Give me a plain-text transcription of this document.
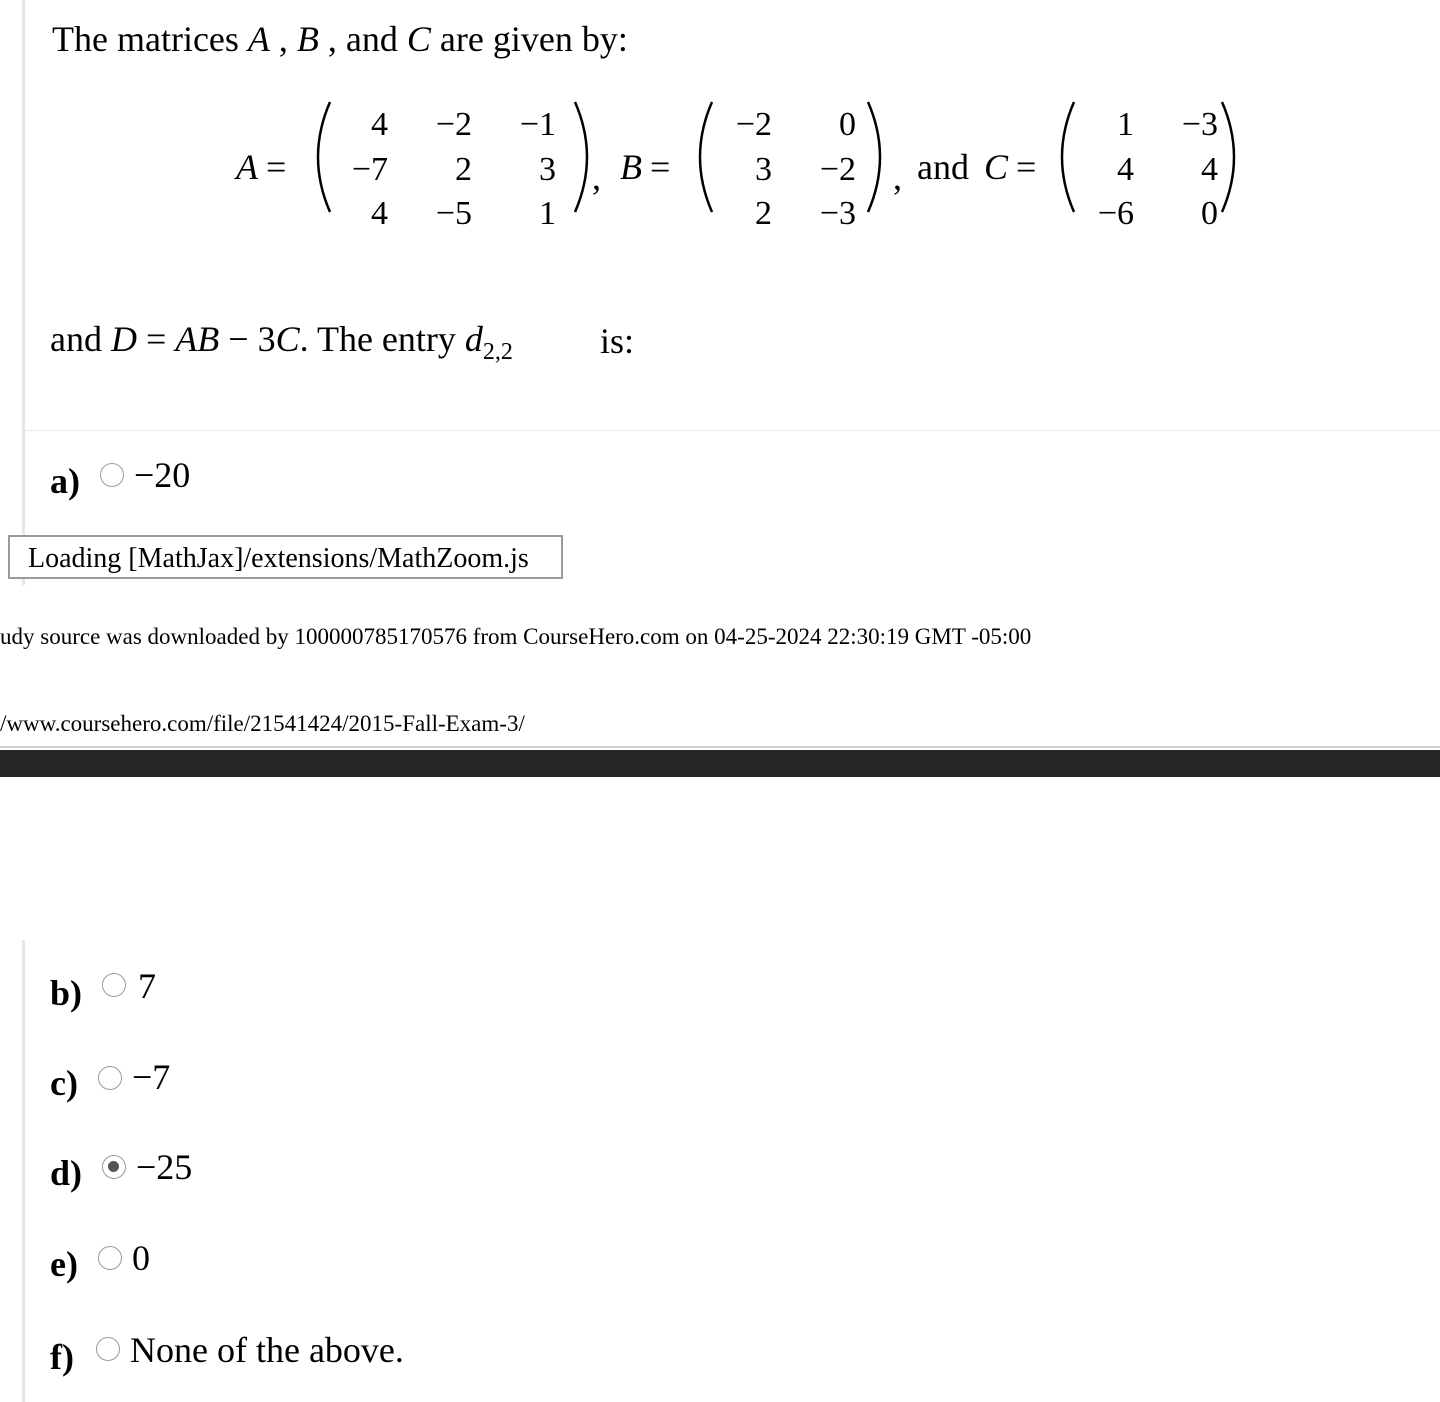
The matrices A , B , and C are given by:
A =
4	−2	−1
−7	2	3
4	−5	1
, B =
−2	0
3	−2
2	−3
, and C =
1	−3
4	4
−6	0
and D = AB − 3C. The entry $d_{2,2}$ is:
a) −20
Loading [MathJax]/extensions/MathZoom.js
udy source was downloaded by 100000785170576 from CourseHero.com on 04-25-2024 22:30:19 GMT -05:00
/www.coursehero.com/file/21541424/2015-Fall-Exam-3/
b) 7
c) −7
d) −25
e) 0
f) None of the above.
